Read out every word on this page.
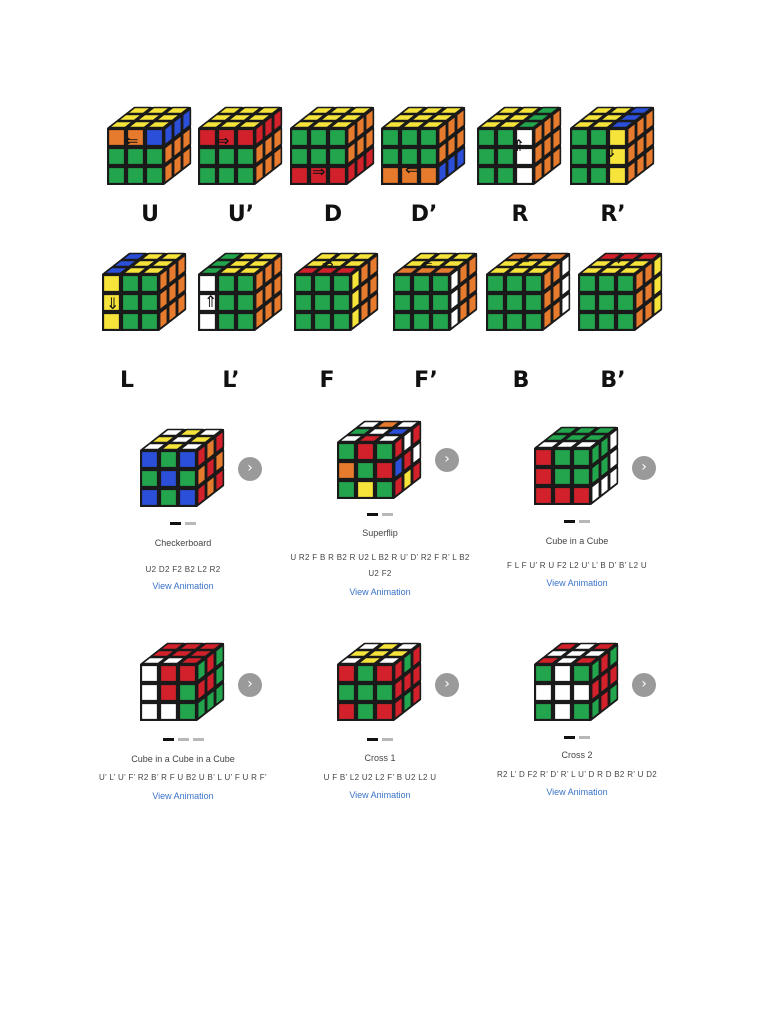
⇐
U
⇒
U’
⇒
D
⇐
D’
⇑
R
⇓
R’
⇓
L
⇑
L’
⇒
F
⇐
F’
⇐
B
⇒
B’
›
Checkerboard
U2 D2 F2 B2 L2 R2
View Animation
›
Superflip
U R2 F B R B2 R U2 L B2 R U’ D’ R2 F R’ L B2 U2 F2
View Animation
›
Cube in a Cube
F L F U’ R U F2 L2 U’ L’ B D’ B’ L2 U
View Animation
›
Cube in a Cube in a Cube
U’ L’ U’ F’ R2 B’ R F U B2 U B’ L U’ F U R F’
View Animation
›
Cross 1
U F B’ L2 U2 L2 F’ B U2 L2 U
View Animation
›
Cross 2
R2 L’ D F2 R’ D’ R’ L U’ D R D B2 R’ U D2
View Animation
